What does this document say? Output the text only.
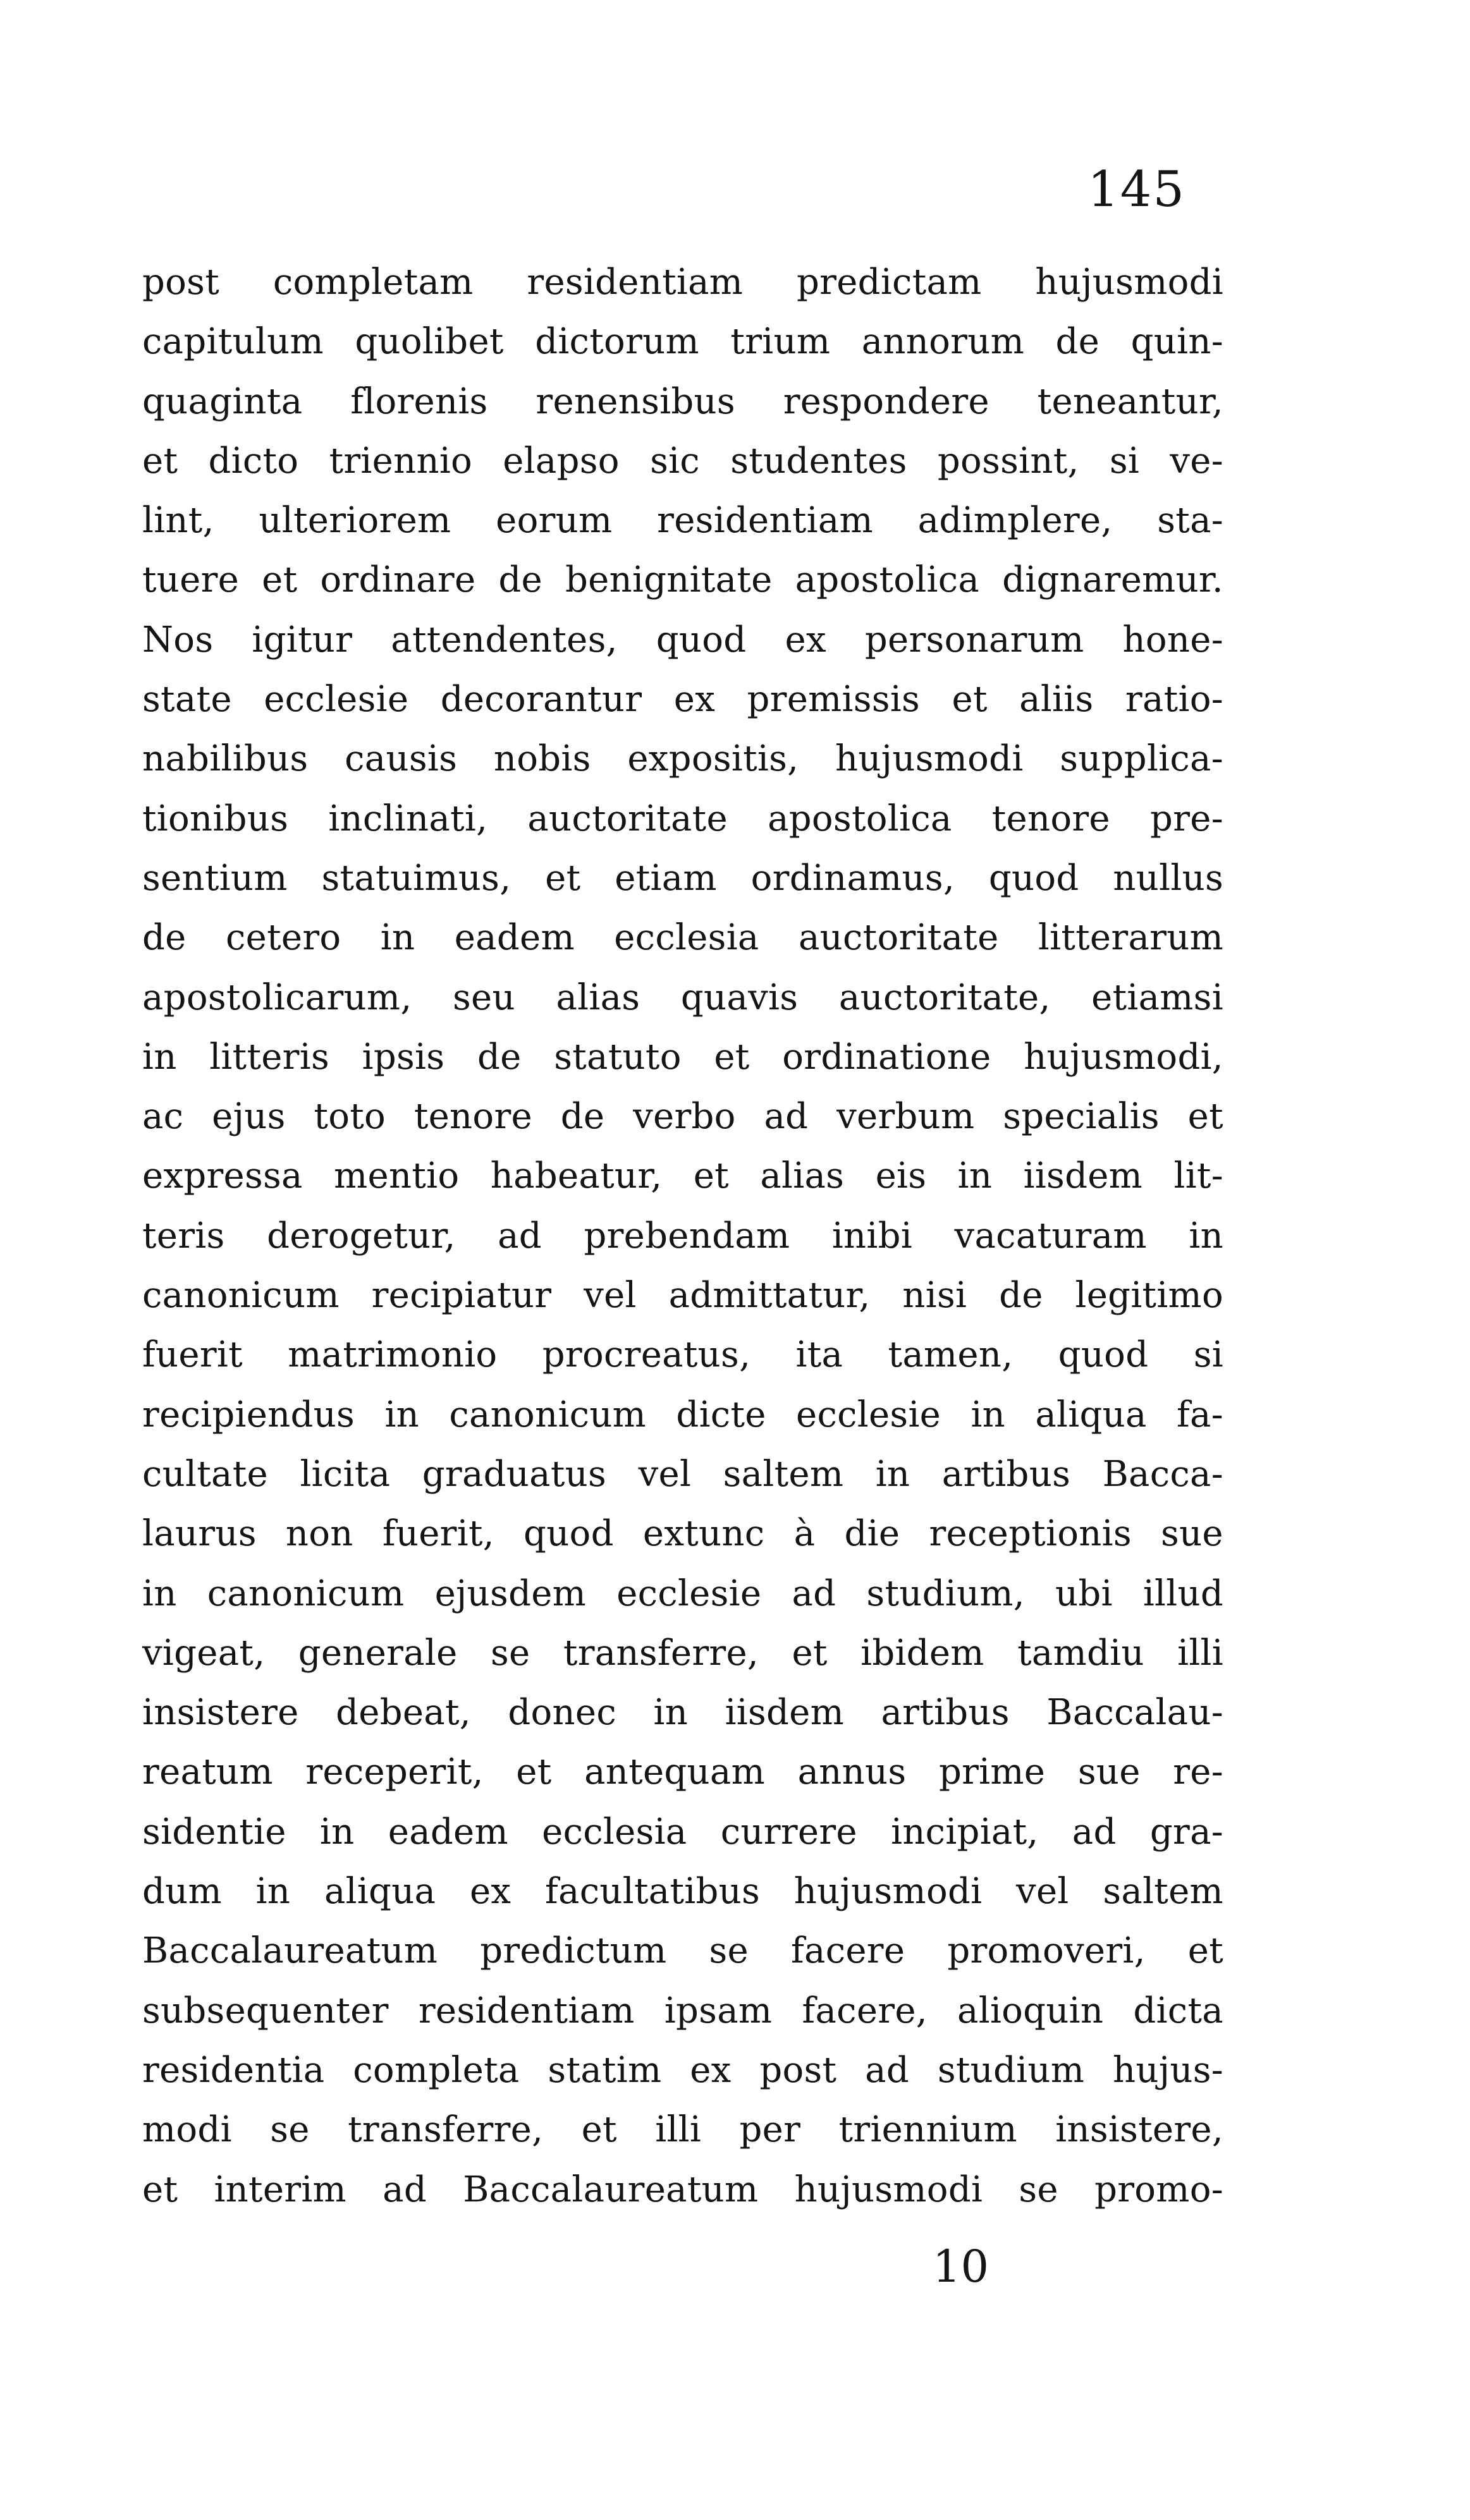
145
post completam residentiam predictam hujusmodi
capitulum quolibet dictorum trium annorum de quin-
quaginta florenis renensibus respondere teneantur,
et dicto triennio elapso sic studentes possint, si ve-
lint, ulteriorem eorum residentiam adimplere, sta-
tuere et ordinare de benignitate apostolica dignaremur.
Nos igitur attendentes, quod ex personarum hone-
state ecclesie decorantur ex premissis et aliis ratio-
nabilibus causis nobis expositis, hujusmodi supplica-
tionibus inclinati, auctoritate apostolica tenore pre-
sentium statuimus, et etiam ordinamus, quod nullus
de cetero in eadem ecclesia auctoritate litterarum
apostolicarum, seu alias quavis auctoritate, etiamsi
in litteris ipsis de statuto et ordinatione hujusmodi,
ac ejus toto tenore de verbo ad verbum specialis et
expressa mentio habeatur, et alias eis in iisdem lit-
teris derogetur, ad prebendam inibi vacaturam in
canonicum recipiatur vel admittatur, nisi de legitimo
fuerit matrimonio procreatus, ita tamen, quod si
recipiendus in canonicum dicte ecclesie in aliqua fa-
cultate licita graduatus vel saltem in artibus Bacca-
laurus non fuerit, quod extunc à die receptionis sue
in canonicum ejusdem ecclesie ad studium, ubi illud
vigeat, generale se transferre, et ibidem tamdiu illi
insistere debeat, donec in iisdem artibus Baccalau-
reatum receperit, et antequam annus prime sue re-
sidentie in eadem ecclesia currere incipiat, ad gra-
dum in aliqua ex facultatibus hujusmodi vel saltem
Baccalaureatum predictum se facere promoveri, et
subsequenter residentiam ipsam facere, alioquin dicta
residentia completa statim ex post ad studium hujus-
modi se transferre, et illi per triennium insistere,
et interim ad Baccalaureatum hujusmodi se promo-
10
